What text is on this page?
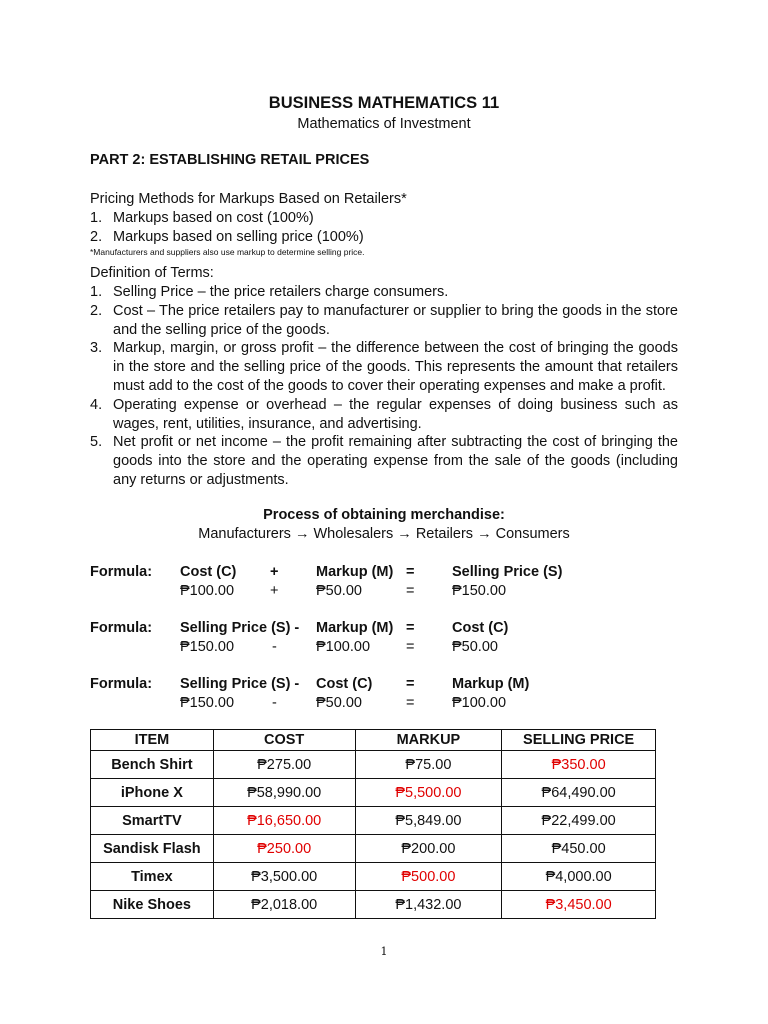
BUSINESS MATHEMATICS 11
Mathematics of Investment
PART 2: ESTABLISHING RETAIL PRICES
Pricing Methods for Markups Based on Retailers*
1. Markups based on cost (100%)
2. Markups based on selling price (100%)
*Manufacturers and suppliers also use markup to determine selling price.
Definition of Terms:
1. Selling Price – the price retailers charge consumers.
2. Cost – The price retailers pay to manufacturer or supplier to bring the goods in the store and the selling price of the goods.
3. Markup, margin, or gross profit – the difference between the cost of bringing the goods in the store and the selling price of the goods. This represents the amount that retailers must add to the cost of the goods to cover their operating expenses and make a profit.
4. Operating expense or overhead – the regular expenses of doing business such as wages, rent, utilities, insurance, and advertising.
5. Net profit or net income – the profit remaining after subtracting the cost of bringing the goods into the store and the operating expense from the sale of the goods (including any returns or adjustments.
Process of obtaining merchandise:
Manufacturers → Wholesalers → Retailers → Consumers
Formula: Cost (C) +	Markup (M) =	Selling Price (S)
₱100.00 +	₱50.00	=	₱150.00
Formula: Selling Price (S) - Markup (M) =	Cost (C)
₱150.00	-	₱100.00 =	₱50.00
Formula: Selling Price (S) - Cost (C) =	Markup (M)
₱150.00	-	₱50.00	=	₱100.00
ITEM	COST	MARKUP	SELLING PRICE
Bench Shirt	₱275.00	₱75.00	₱350.00
iPhone X	₱58,990.00	₱5,500.00	₱64,490.00
SmartTV	₱16,650.00	₱5,849.00	₱22,499.00
Sandisk Flash	₱250.00	₱200.00	₱450.00
Timex	₱3,500.00	₱500.00	₱4,000.00
Nike Shoes	₱2,018.00	₱1,432.00	₱3,450.00
1
